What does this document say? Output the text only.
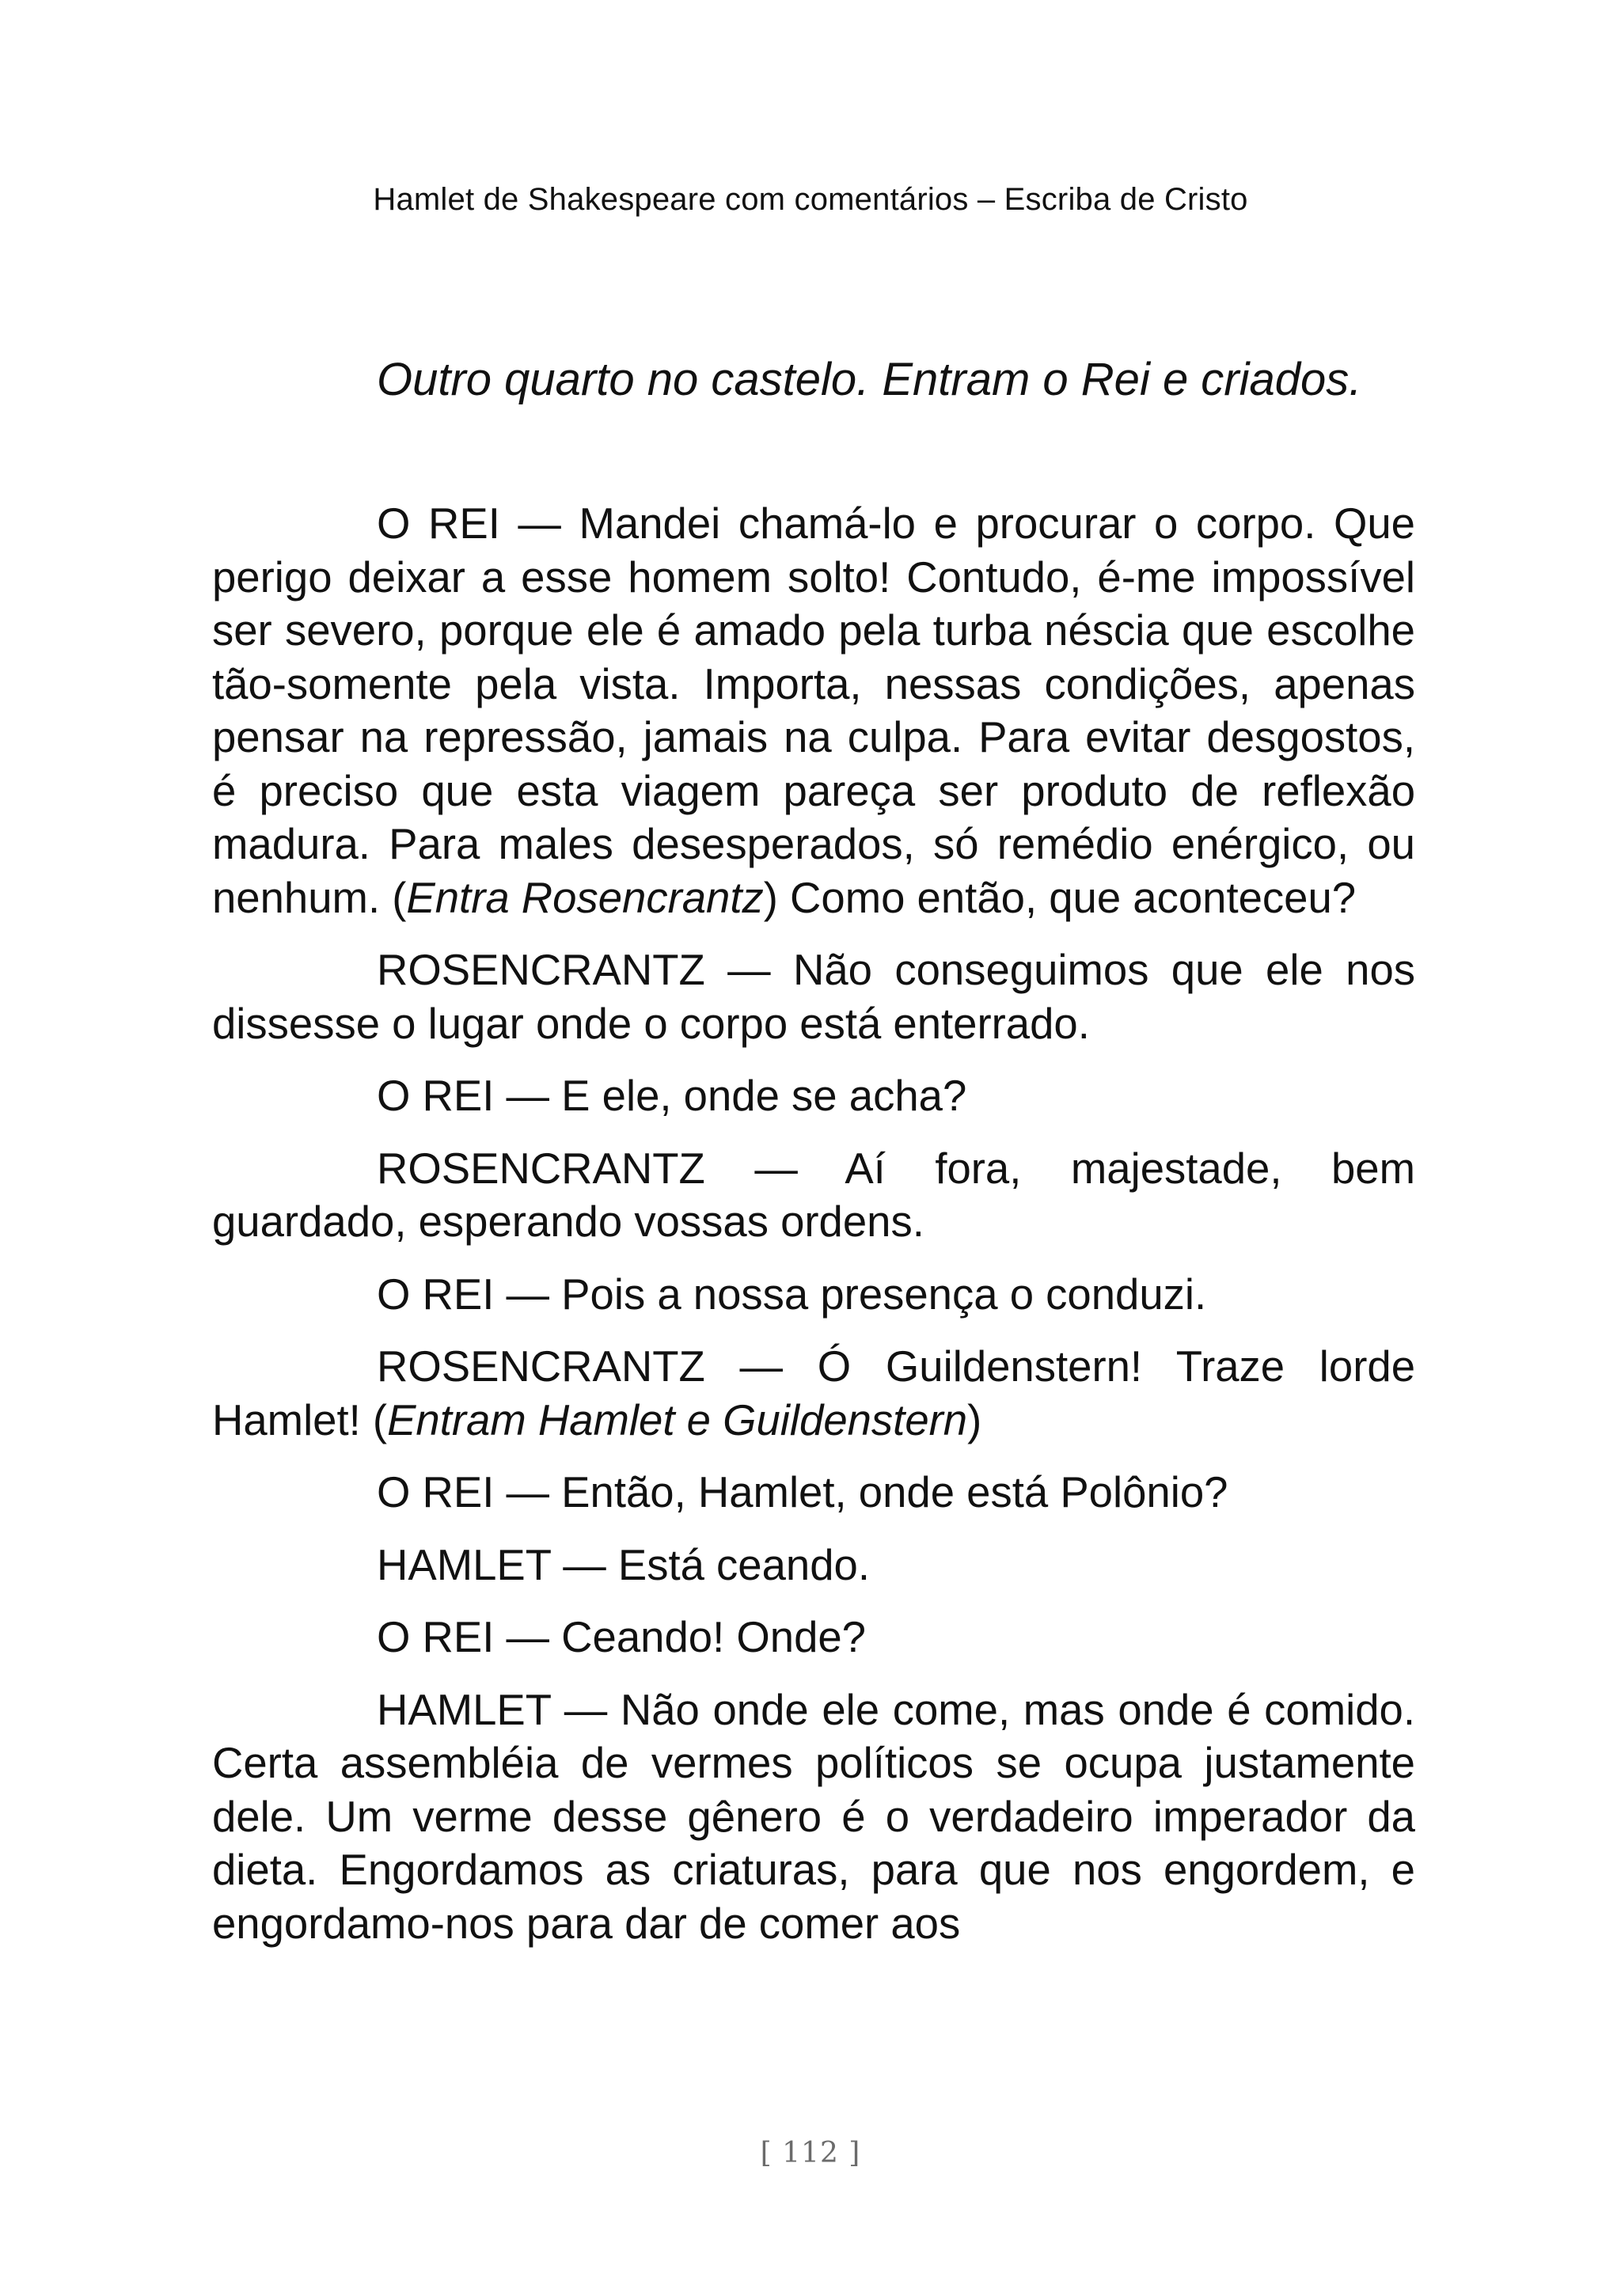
Hamlet de Shakespeare com comentários – Escriba de Cristo
Outro quarto no castelo. Entram o Rei e criados.

O REI — Mandei chamá-lo e procurar o corpo. Que perigo deixar a esse homem solto! Contudo, é-me impossível ser severo, porque ele é amado pela turba néscia que escolhe tão-somente pela vista. Importa, nessas condições, apenas pensar na repressão, jamais na culpa. Para evitar desgostos, é preciso que esta viagem pareça ser produto de reflexão madura. Para males desesperados, só remédio enérgico, ou nenhum. (Entra Rosencrantz) Como então, que aconteceu?

ROSENCRANTZ — Não conseguimos que ele nos dissesse o lugar onde o corpo está enterrado.

O REI — E ele, onde se acha?

ROSENCRANTZ — Aí fora, majestade, bem guardado, esperando vossas ordens.

O REI — Pois a nossa presença o conduzi.

ROSENCRANTZ — Ó Guildenstern! Traze lorde Hamlet! (Entram Hamlet e Guildenstern)

O REI — Então, Hamlet, onde está Polônio?

HAMLET — Está ceando.

O REI — Ceando! Onde?

HAMLET — Não onde ele come, mas onde é comido. Certa assembléia de vermes políticos se ocupa justamente dele. Um verme desse gênero é o verdadeiro imperador da dieta. Engordamos as criaturas, para que nos engordem, e engordamo-nos para dar de comer aos

[ 112 ]
